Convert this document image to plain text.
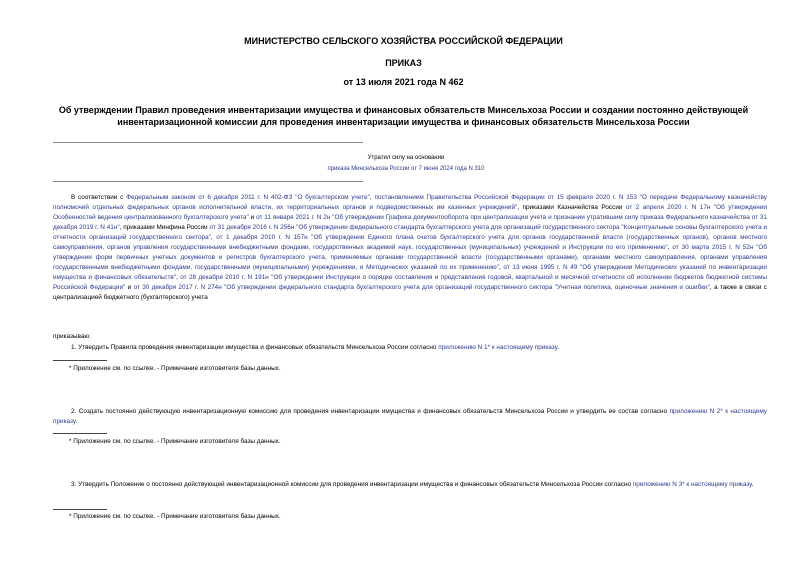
МИНИСТЕРСТВО СЕЛЬСКОГО ХОЗЯЙСТВА РОССИЙСКОЙ ФЕДЕРАЦИИ
ПРИКАЗ
от 13 июля 2021 года N 462
Об утверждении Правил проведения инвентаризации имущества и финансовых обязательств Минсельхоза России и создании постоянно действующей инвентаризационной комиссии для проведения инвентаризации имущества и финансовых обязательств Минсельхоза России
Утратил силу на основании
приказа Минсельхоза России от 7 июня 2024 года N 310
В соответствии с Федеральным законом от 6 декабря 2011 г. N 402-ФЗ "О бухгалтерском учете", постановлением Правительства Российской Федерации от 15 февраля 2020 г. N 153 "О передаче Федеральному казначейству полномочий отдельных федеральных органов исполнительной власти, их территориальных органов и подведомственных им казенных учреждений", приказами Казначейства России от 2 апреля 2020 г. N 17н "Об утверждении Особенностей ведения централизованного бухгалтерского учета" и от 11 января 2021 г. N 2н "Об утверждении Графика документооборота при централизации учета и признании утратившим силу приказа Федерального казначейства от 31 декабря 2019 г. N 41н", приказами Минфина России от 31 декабря 2016 г. N 256н "Об утверждении федерального стандарта бухгалтерского учета для организаций государственного сектора "Концептуальные основы бухгалтерского учета и отчетности организаций государственного сектора", от 1 декабря 2010 г. N 157н "Об утверждении Единого плана счетов бухгалтерского учета для органов государственной власти (государственных органов), органов местного самоуправления, органов управления государственными внебюджетными фондами, государственных академий наук, государственных (муниципальных) учреждений и Инструкции по его применению", от 30 марта 2015 г. N 52н "Об утверждении форм первичных учетных документов и регистров бухгалтерского учета, применяемых органами государственной власти (государственными органами), органами местного самоуправления, органами управления государственными внебюджетными фондами, государственными (муниципальными) учреждениями, и Методических указаний по их применению", от 13 июня 1995 г. N 49 "Об утверждении Методических указаний по инвентаризации имущества и финансовых обязательств", от 28 декабря 2010 г. N 191н "Об утверждении Инструкции о порядке составления и представления годовой, квартальной и месячной отчетности об исполнении бюджетов бюджетной системы Российской Федерации" и от 30 декабря 2017 г. N 274н "Об утверждении федерального стандарта бухгалтерского учета для организаций государственного сектора "Учетная политика, оценочные значения и ошибки", а также в связи с централизацией бюджетного (бухгалтерского) учета
приказываю:
1. Утвердить Правила проведения инвентаризации имущества и финансовых обязательств Минсельхоза России согласно приложению N 1* к настоящему приказу.
* Приложение см. по ссылке. - Примечание изготовителя базы данных.
2. Создать постоянно действующую инвентаризационную комиссию для проведения инвентаризации имущества и финансовых обязательств Минсельхоза России и утвердить ее состав согласно приложению N 2* к настоящему приказу.
* Приложение см. по ссылке. - Примечание изготовителя базы данных.
3. Утвердить Положение о постоянно действующей инвентаризационной комиссии для проведения инвентаризации имущества и финансовых обязательств Минсельхоза России согласно приложению N 3* к настоящему приказу.
* Приложение см. по ссылке. - Примечание изготовителя базы данных.
